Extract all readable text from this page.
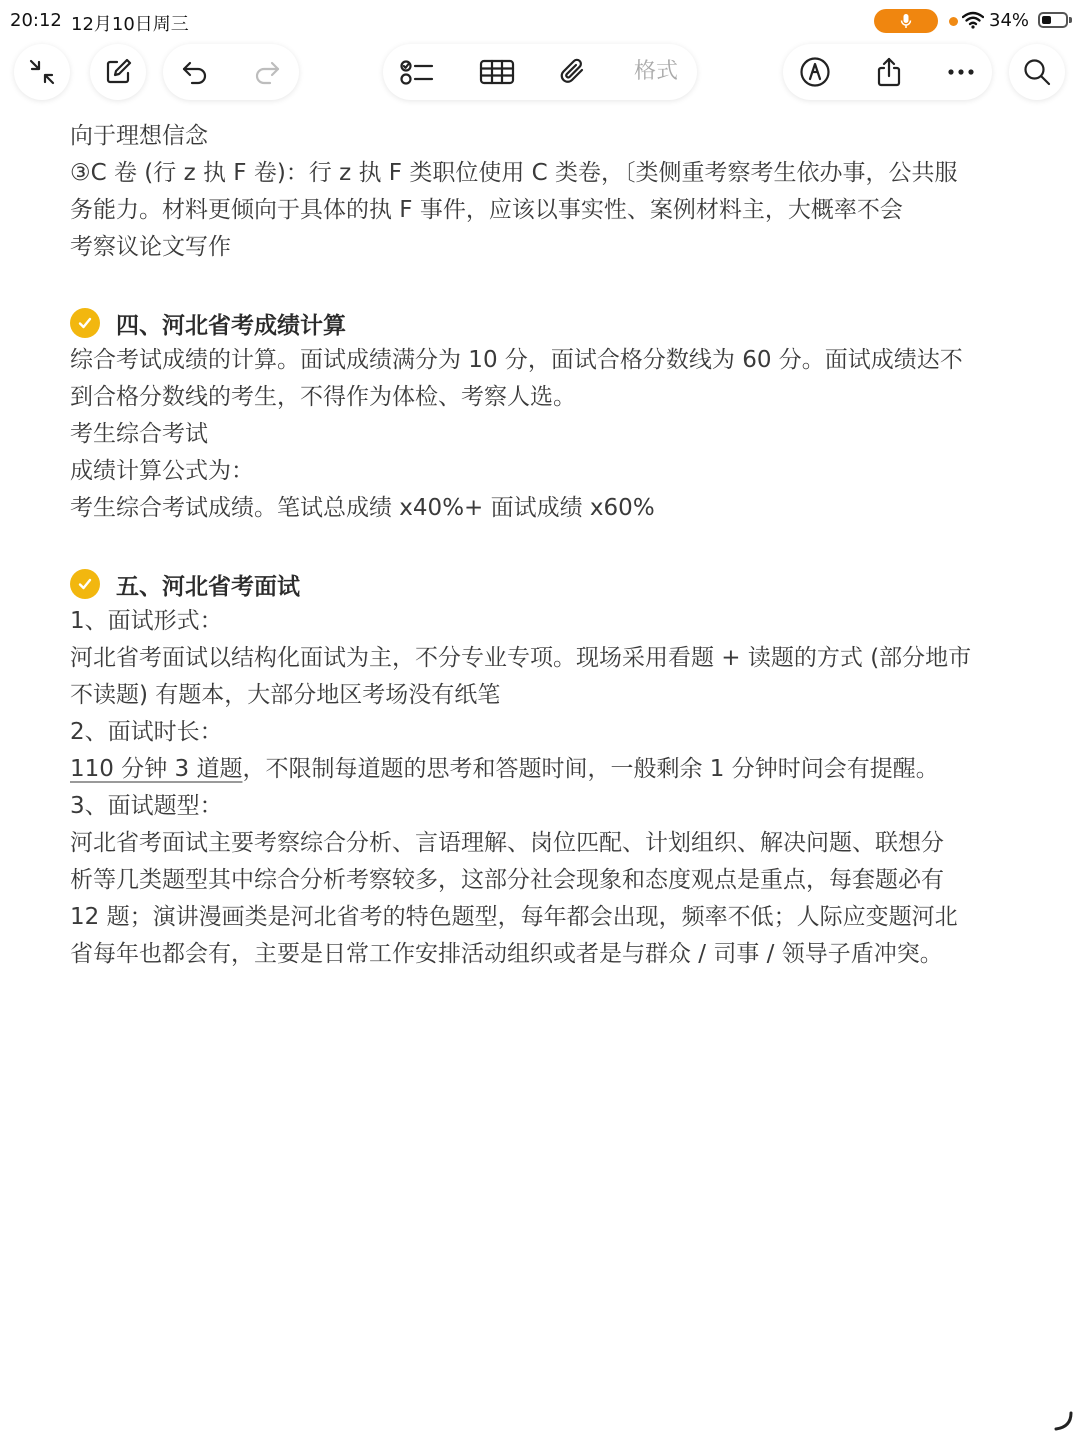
20:12 12月10日周三	34%
格式
向于理想信念
③C 卷 (行 z 执 F 卷)：行 z 执 F 类职位使用 C 类卷，〔类侧重考察考生依办事，公共服
务能力。材料更倾向于具体的执 F 事件，应该以事实性、案例材料主，大概率不会
考察议论文写作
四、河北省考成绩计算
综合考试成绩的计算。面试成绩满分为 10 分，面试合格分数线为 60 分。面试成绩达不
到合格分数线的考生，不得作为体检、考察人选。
考生综合考试
成绩计算公式为：
考生综合考试成绩。笔试总成绩 x40%+ 面试成绩 x60%
五、河北省考面试
1、面试形式：
河北省考面试以结构化面试为主，不分专业专项。现场采用看题 + 读题的方式 (部分地市
不读题) 有题本，大部分地区考场没有纸笔
2、面试时长：
110 分钟 3 道题，不限制每道题的思考和答题时间，一般剩余 1 分钟时问会有提醒。
3、面试题型：
河北省考面试主要考察综合分析、言语理解、岗位匹配、计划组织、解决问题、联想分
析等几类题型其中综合分析考察较多，这部分社会现象和态度观点是重点，每套题必有
12 题；演讲漫画类是河北省考的特色题型，每年都会出现，频率不低；人际应变题河北
省每年也都会有，主要是日常工作安排活动组织或者是与群众 / 司事 / 领导子盾冲突。
